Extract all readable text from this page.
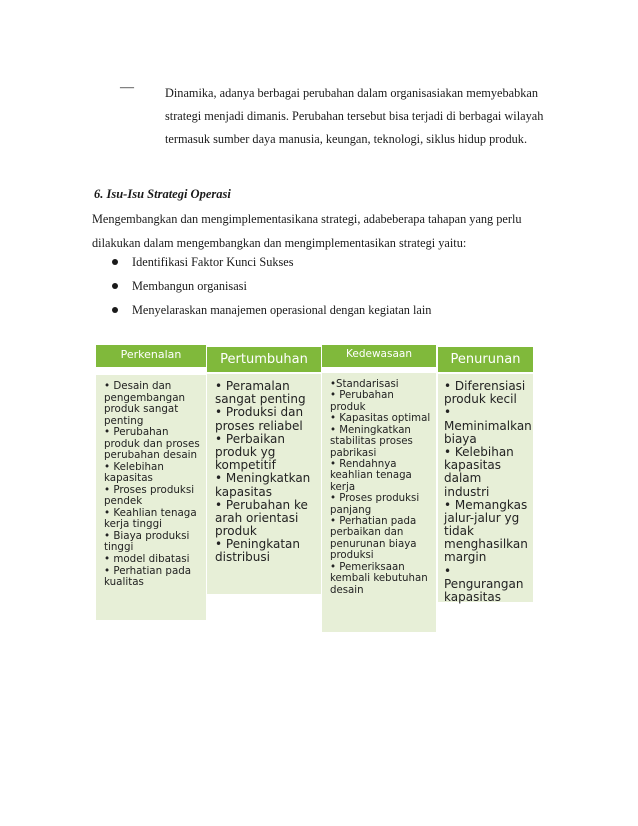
—	Dinamika, adanya berbagai perubahan dalam organisasiakan memyebabkan strategi menjadi dimanis. Perubahan tersebut bisa terjadi di berbagai wilayah termasuk sumber daya manusia, keungan, teknologi, siklus hidup produk.
6. Isu-Isu Strategi Operasi
Mengembangkan dan mengimplementasikana strategi, adabeberapa tahapan yang perlu dilakukan dalam mengembangkan dan mengimplementasikan strategi yaitu:
Identifikasi Faktor Kunci Sukses
Membangun organisasi
Menyelaraskan manajemen operasional dengan kegiatan lain
Perkenalan
• Desain dan
pengembangan
produk sangat
penting
• Perubahan
produk dan proses
perubahan desain
• Kelebihan
kapasitas
• Proses produksi
pendek
• Keahlian tenaga
kerja tinggi
• Biaya produksi
tinggi
• model dibatasi
• Perhatian pada
kualitas
Pertumbuhan
• Peramalan
sangat penting
• Produksi dan
proses reliabel
• Perbaikan
produk yg
kompetitif
• Meningkatkan
kapasitas
• Perubahan ke
arah orientasi
produk
• Peningkatan
distribusi
Kedewasaan
•Standarisasi
• Perubahan produk
• Kapasitas optimal
• Meningkatkan
stabilitas proses
pabrikasi
• Rendahnya
keahlian tenaga
kerja
• Proses produksi
panjang
• Perhatian pada
perbaikan dan
penurunan biaya
produksi
• Pemeriksaan
kembali kebutuhan
desain
Penurunan
• Diferensiasi
produk kecil
•
Meminimalkan
biaya
• Kelebihan
kapasitas
dalam industri
• Memangkas
jalur-jalur yg
tidak
menghasilkan
margin
• Pengurangan
kapasitas
